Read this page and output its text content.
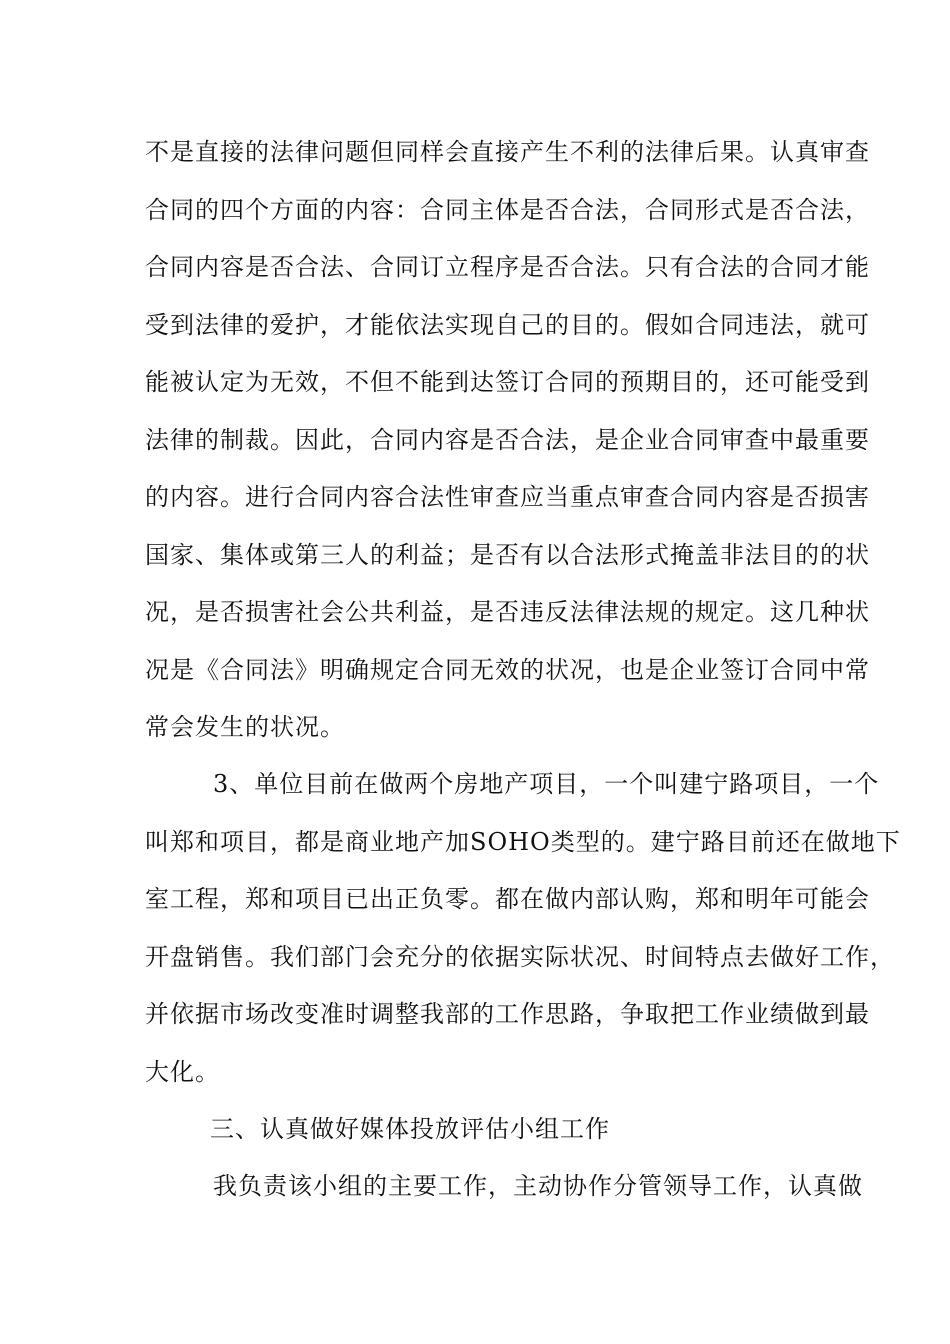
不是直接的法律问题但同样会直接产生不利的法律后果。认真审查

合同的四个方面的内容：合同主体是否合法，合同形式是否合法，

合同内容是否合法、合同订立程序是否合法。只有合法的合同才能

受到法律的爱护，才能依法实现自己的目的。假如合同违法，就可

能被认定为无效，不但不能到达签订合同的预期目的，还可能受到

法律的制裁。因此，合同内容是否合法，是企业合同审查中最重要

的内容。进行合同内容合法性审查应当重点审查合同内容是否损害

国家、集体或第三人的利益；是否有以合法形式掩盖非法目的的状

况，是否损害社会公共利益，是否违反法律法规的规定。这几种状

况是《合同法》明确规定合同无效的状况，也是企业签订合同中常

常会发生的状况。

3、单位目前在做两个房地产项目，一个叫建宁路项目，一个

叫郑和项目，都是商业地产加SOHO类型的。建宁路目前还在做地下

室工程，郑和项目已出正负零。都在做内部认购，郑和明年可能会

开盘销售。我们部门会充分的依据实际状况、时间特点去做好工作，

并依据市场改变准时调整我部的工作思路，争取把工作业绩做到最

大化。

三、认真做好媒体投放评估小组工作

我负责该小组的主要工作，主动协作分管领导工作，认真做
